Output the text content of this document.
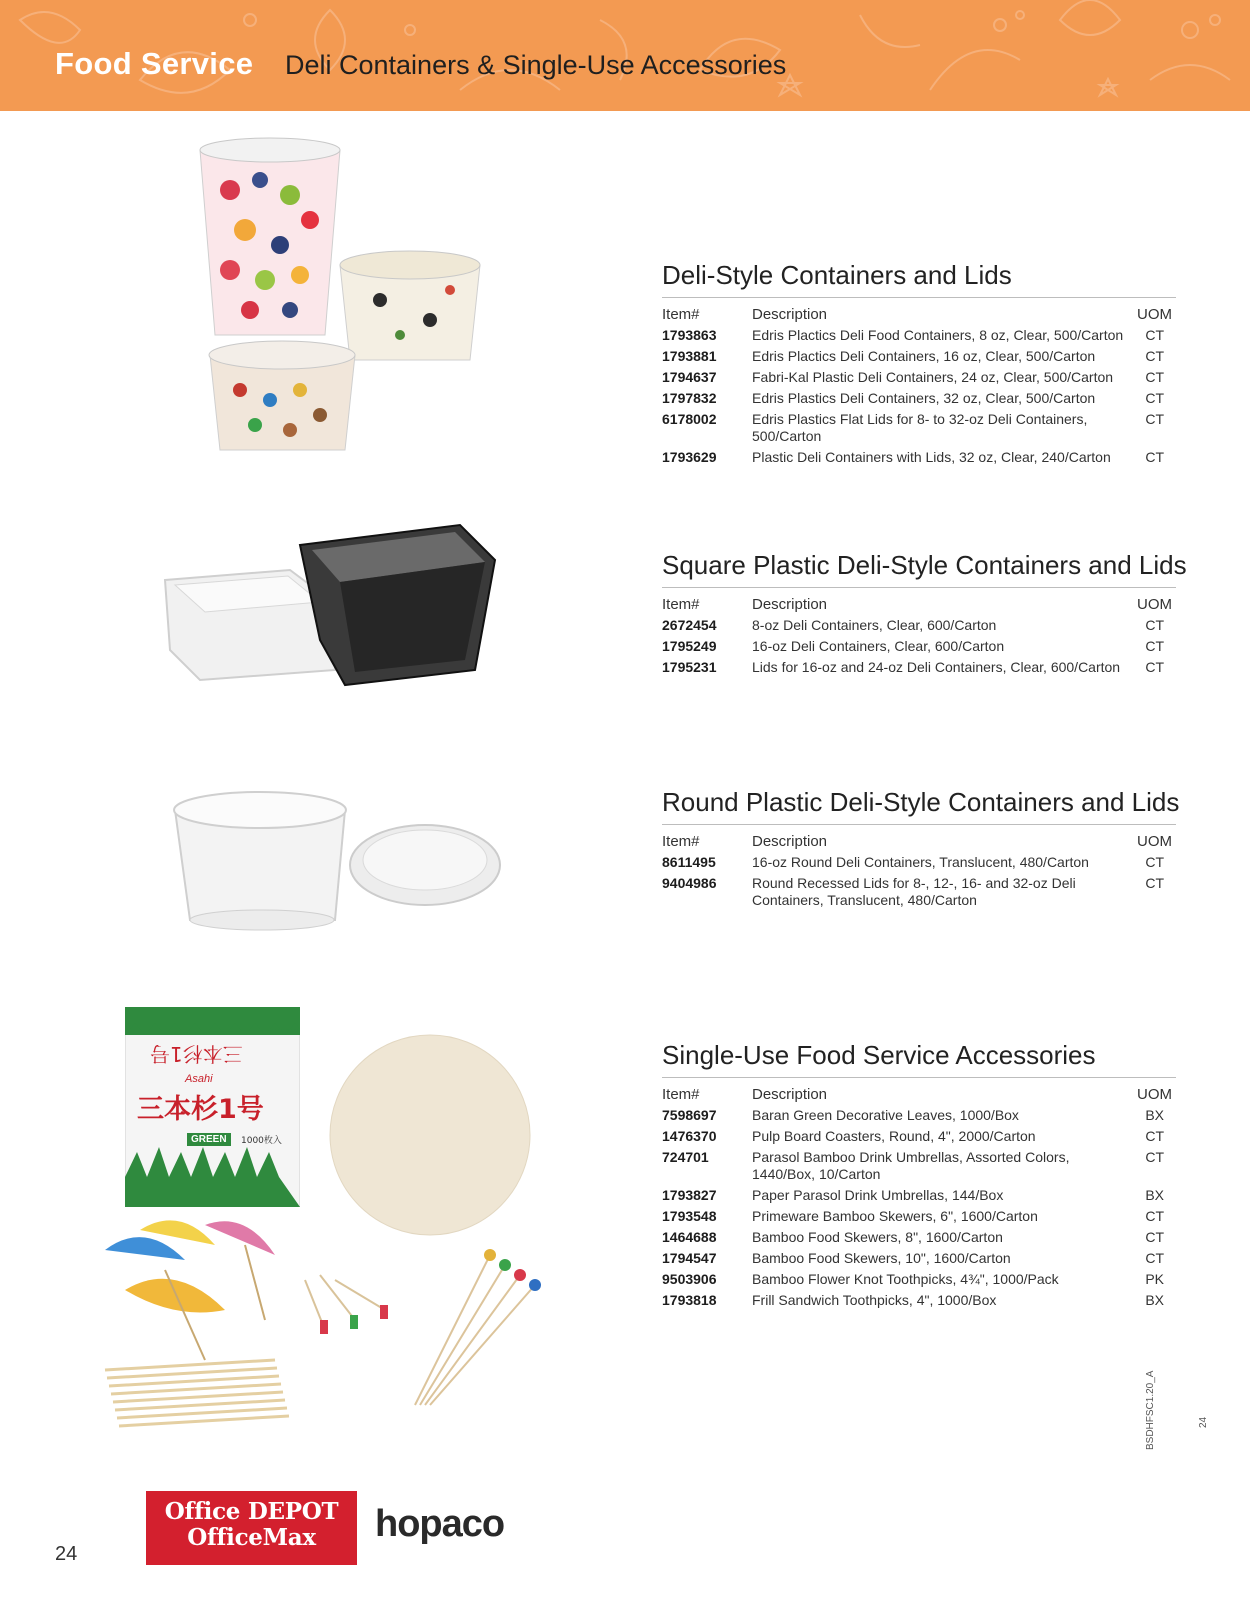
Food Service Deli Containers & Single-Use Accessories
三本杉1号
Asahi
三本杉1号
GREEN	1000枚入
Deli-Style Containers and Lids
Item#	Description	UOM
1793863	Edris Plactics Deli Food Containers, 8 oz, Clear, 500/Carton	CT
1793881	Edris Plactics Deli Containers, 16 oz, Clear, 500/Carton	CT
1794637	Fabri-Kal Plastic Deli Containers, 24 oz, Clear, 500/Carton	CT
1797832	Edris Plastics Deli Containers, 32 oz, Clear, 500/Carton	CT
6178002	Edris Plastics Flat Lids for 8- to 32-oz Deli Containers, 500/Carton	CT
1793629	Plastic Deli Containers with Lids, 32 oz, Clear, 240/Carton	CT
Square Plastic Deli-Style Containers and Lids
Item#	Description	UOM
2672454	8-oz Deli Containers, Clear, 600/Carton	CT
1795249	16-oz Deli Containers, Clear, 600/Carton	CT
1795231	Lids for 16-oz and 24-oz Deli Containers, Clear, 600/Carton	CT
Round Plastic Deli-Style Containers and Lids
Item#	Description	UOM
8611495	16-oz Round Deli Containers, Translucent, 480/Carton	CT
9404986	Round Recessed Lids for 8-, 12-, 16- and 32-oz Deli Containers, Translucent, 480/Carton	CT
Single-Use Food Service Accessories
Item#	Description	UOM
7598697	Baran Green Decorative Leaves, 1000/Box	BX
1476370	Pulp Board Coasters, Round, 4", 2000/Carton	CT
724701	Parasol Bamboo Drink Umbrellas, Assorted Colors, 1440/Box, 10/Carton	CT
1793827	Paper Parasol Drink Umbrellas, 144/Box	BX
1793548	Primeware Bamboo Skewers, 6", 1600/Carton	CT
1464688	Bamboo Food Skewers, 8", 1600/Carton	CT
1794547	Bamboo Food Skewers, 10", 1600/Carton	CT
9503906	Bamboo Flower Knot Toothpicks, 4¾", 1000/Pack	PK
1793818	Frill Sandwich Toothpicks, 4", 1000/Box	BX
Office DEPOT
OfficeMax	hopaco
24
BSDHFSC1.20_A	24
